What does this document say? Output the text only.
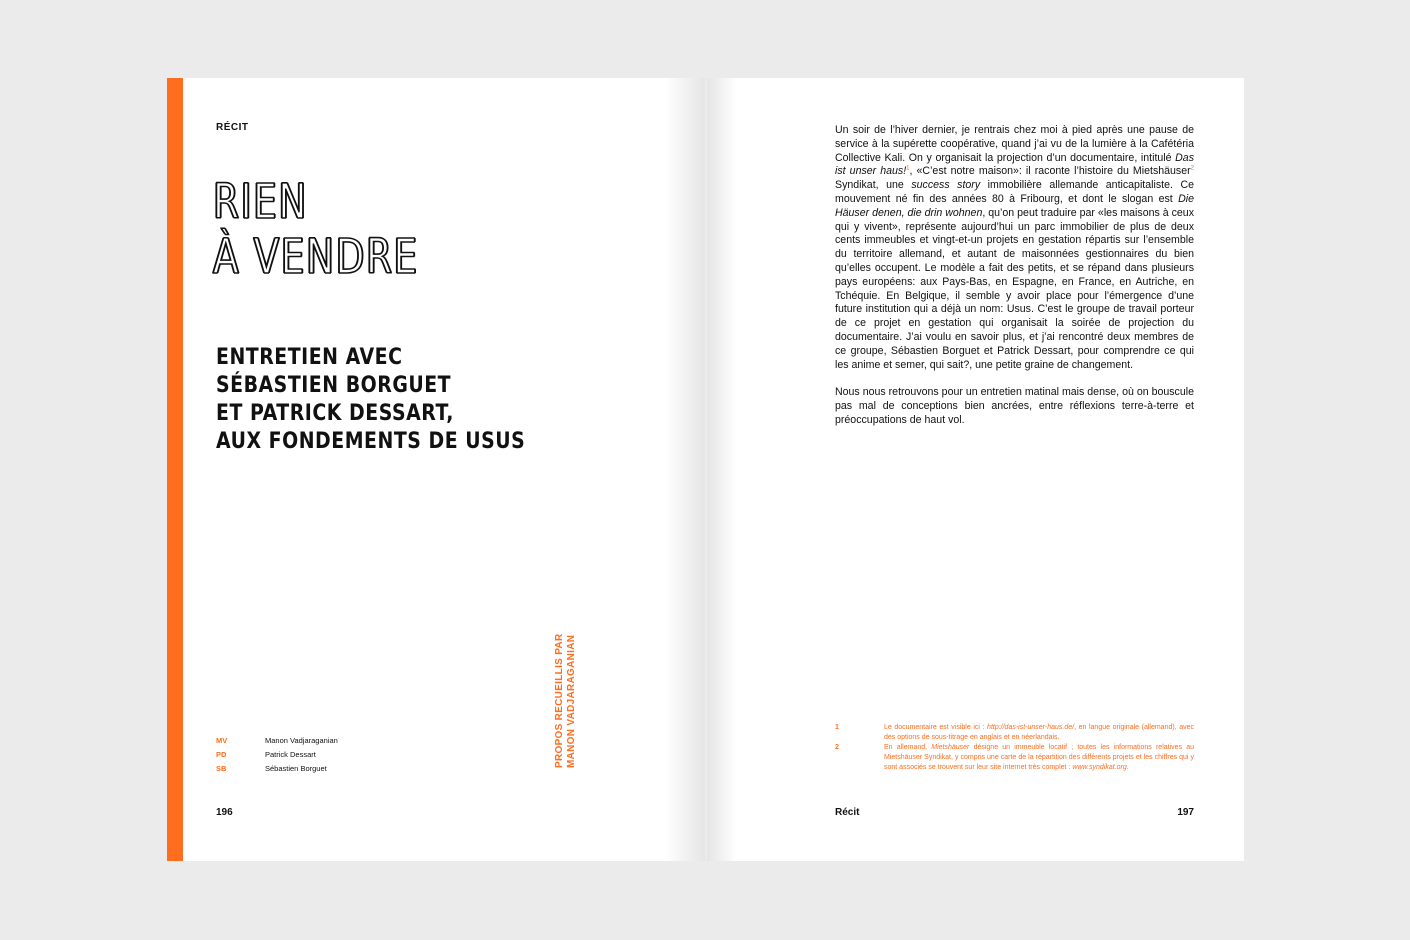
RÉCIT
RIEN
À VENDRE
ENTRETIEN AVEC
SÉBASTIEN BORGUET
ET PATRICK DESSART,
AUX FONDEMENTS DE USUS
PROPOS RECUEILLIS PAR MANON VADJARAGANIAN
MV	Manon Vadjaraganian
PD	Patrick Dessart
SB	Sébastien Borguet
196

Un soir de l’hiver dernier, je rentrais chez moi à pied après une pause de service à la supérette coopérative, quand j’ai vu de la lumière à la Cafétéria Collective Kali. On y organisait la projection d’un documentaire, intitulé Das ist unser haus!$^1$, «C’est notre maison»: il raconte l’histoire du Mietshäuser$^2$ Syndikat, une success story immobilière allemande anticapitaliste. Ce mouvement né fin des années 80 à Fribourg, et dont le slogan est Die Häuser denen, die drin wohnen, qu’on peut traduire par «les maisons à ceux qui y vivent», représente aujourd’hui un parc immobilier de plus de deux cents immeubles et vingt-et-un projets en gestation répartis sur l’ensemble du territoire allemand, et autant de maisonnées gestionnaires du bien qu’elles occupent. Le modèle a fait des petits, et se répand dans plusieurs pays européens: aux Pays-Bas, en Espagne, en France, en Autriche, en Tchéquie. En Belgique, il semble y avoir place pour l’émergence d’une future institution qui a déjà un nom: Usus. C’est le groupe de travail porteur de ce projet en gestation qui organisait la soirée de projection du documentaire. J’ai voulu en savoir plus, et j’ai rencontré deux membres de ce groupe, Sébastien Borguet et Patrick Dessart, pour comprendre ce qui les anime et semer, qui sait?, une petite graine de changement.

Nous nous retrouvons pour un entretien matinal mais dense, où on bouscule pas mal de conceptions bien ancrées, entre réflexions terre-à-terre et préoccupations de haut vol.

1	Le documentaire est visible ici : http://das-ist-unser-haus.de/, en langue originale (allemand), avec des options de sous-titrage en anglais et en néerlandais.
2	En allemand, Mietshäuser désigne un immeuble locatif ; toutes les informations relatives au Mietshäuser Syndikat, y compris une carte de la répartition des différents projets et les chiffres qui y sont associés se trouvent sur leur site internet très complet : www.syndikat.org.
Récit	197
